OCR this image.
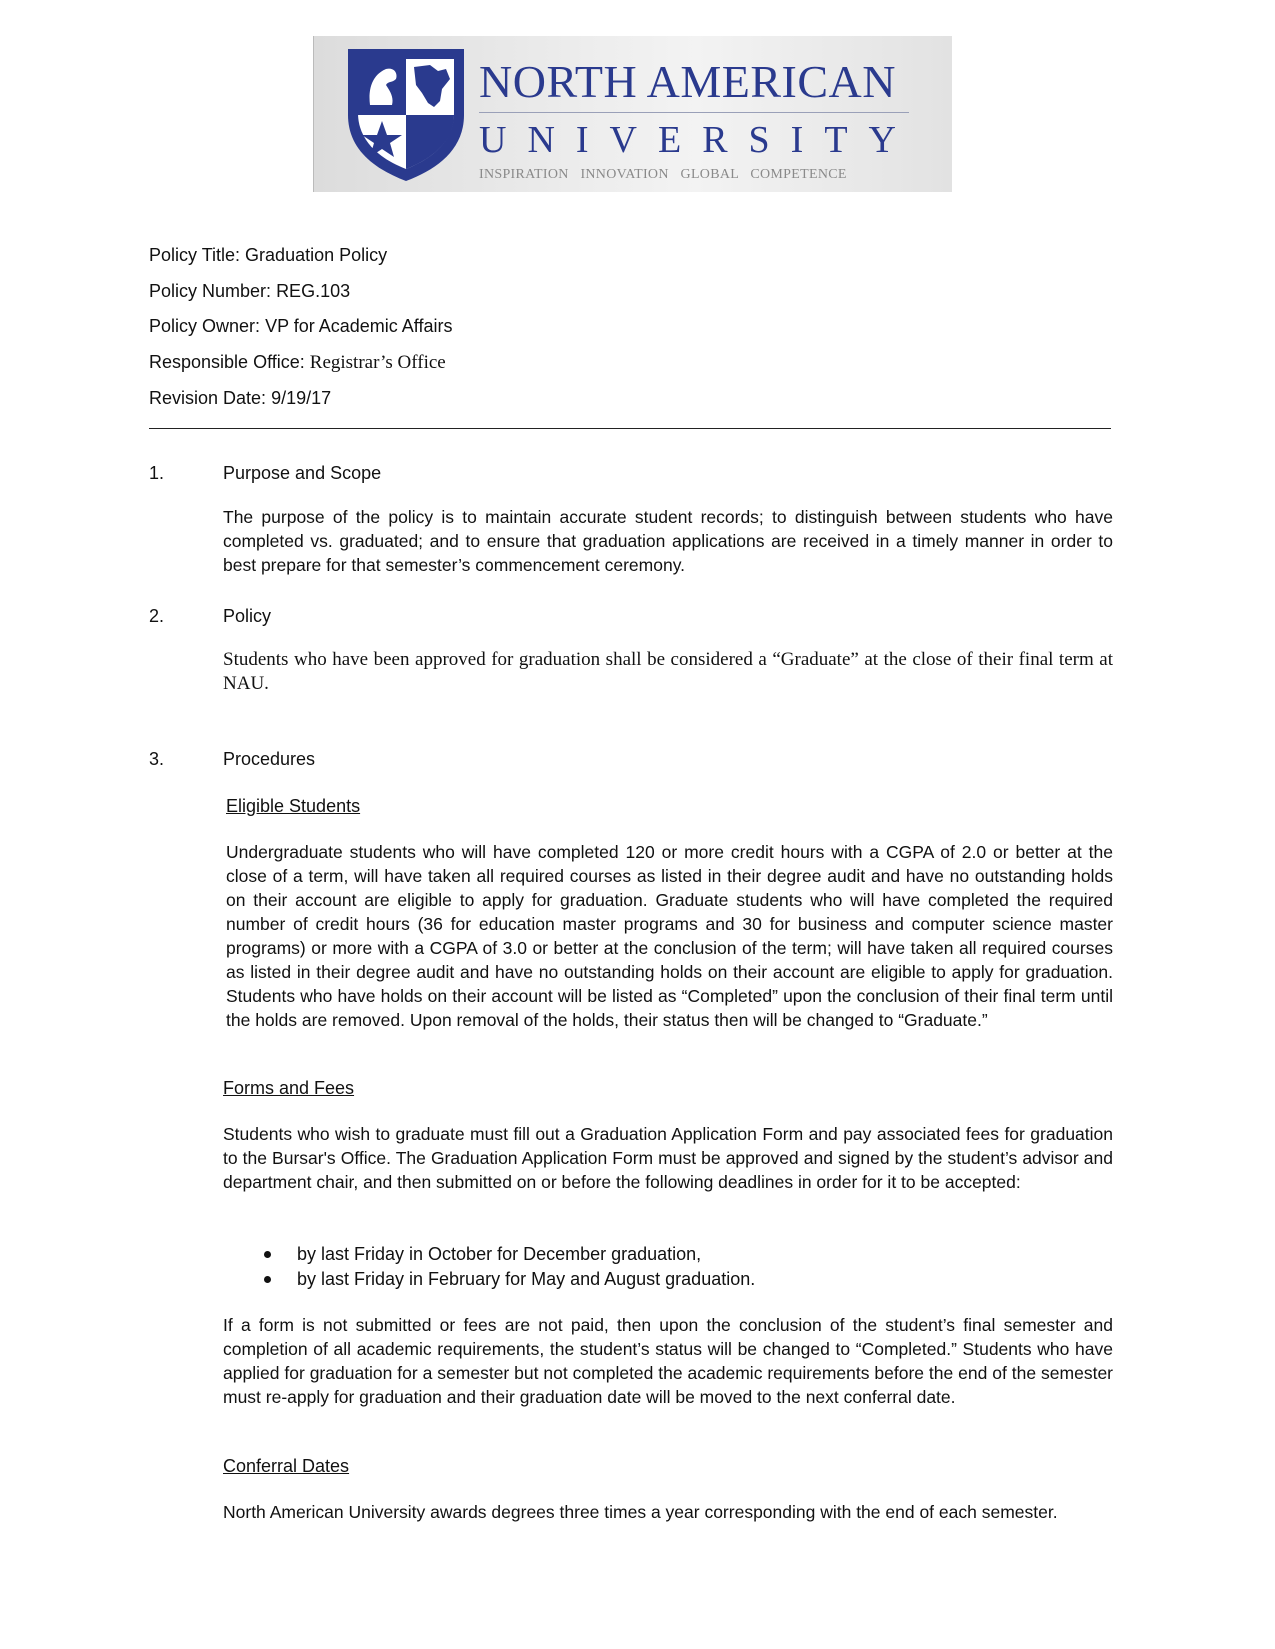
NORTH AMERICAN
UNIVERSITY
INSPIRATION INNOVATION GLOBAL COMPETENCE
Policy Title: Graduation Policy
Policy Number: REG.103
Policy Owner: VP for Academic Affairs
Responsible Office: Registrar’s Office
Revision Date: 9/19/17
1.	Purpose and Scope

The purpose of the policy is to maintain accurate student records; to distinguish between students who have completed vs. graduated; and to ensure that graduation applications are received in a timely manner in order to best prepare for that semester’s commencement ceremony.

2.	Policy

Students who have been approved for graduation shall be considered a “Graduate” at the close of their final term at NAU.

3.	Procedures
Eligible Students

Undergraduate students who will have completed 120 or more credit hours with a CGPA of 2.0 or better at the close of a term, will have taken all required courses as listed in their degree audit and have no outstanding holds on their account are eligible to apply for graduation. Graduate students who will have completed the required number of credit hours (36 for education master programs and 30 for business and computer science master programs) or more with a CGPA of 3.0 or better at the conclusion of the term; will have taken all required courses as listed in their degree audit and have no outstanding holds on their account are eligible to apply for graduation. Students who have holds on their account will be listed as “Completed” upon the conclusion of their final term until the holds are removed. Upon removal of the holds, their status then will be changed to “Graduate.”

Forms and Fees

Students who wish to graduate must fill out a Graduation Application Form and pay associated fees for graduation to the Bursar's Office. The Graduation Application Form must be approved and signed by the student’s advisor and department chair, and then submitted on or before the following deadlines in order for it to be accepted:

by last Friday in October for December graduation,
by last Friday in February for May and August graduation.

If a form is not submitted or fees are not paid, then upon the conclusion of the student’s final semester and completion of all academic requirements, the student’s status will be changed to “Completed.” Students who have applied for graduation for a semester but not completed the academic requirements before the end of the semester must re-apply for graduation and their graduation date will be moved to the next conferral date.

Conferral Dates

North American University awards degrees three times a year corresponding with the end of each semester.
